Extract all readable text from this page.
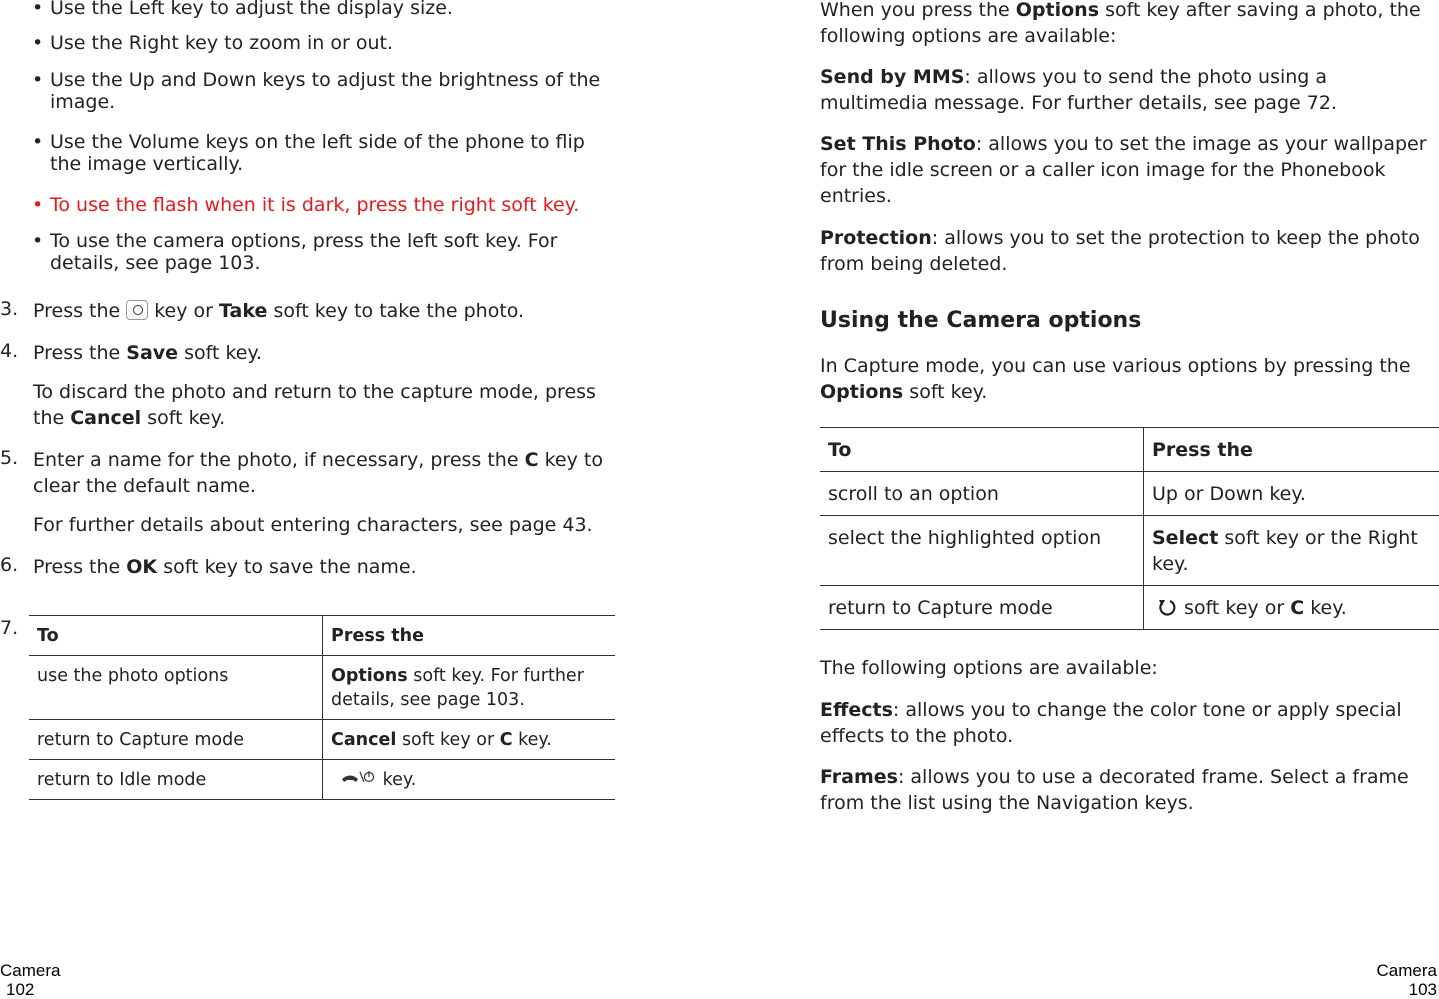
• Use the Left key to adjust the display size.
• Use the Right key to zoom in or out.
• Use the Up and Down keys to adjust the brightness of the image.
• Use the Volume keys on the left side of the phone to flip the image vertically.
• To use the flash when it is dark, press the right soft key.
• To use the camera options, press the left soft key. For details, see page 103.
3. Press the key or Take soft key to take the photo.

4. Press the Save soft key.

To discard the photo and return to the capture mode, press the Cancel soft key.

5. Enter a name for the photo, if necessary, press the C key to clear the default name.

For further details about entering characters, see page 43.

6. Press the OK soft key to save the name.

7. To	Press the
use the photo options	Options soft key. For further details, see page 103.
return to Capture mode	Cancel soft key or C key.
return to Idle mode	key.
Camera
102

When you press the Options soft key after saving a photo, the following options are available:

Send by MMS: allows you to send the photo using a multimedia message. For further details, see page 72.

Set This Photo: allows you to set the image as your wallpaper for the idle screen or a caller icon image for the Phonebook entries.

Protection: allows you to set the protection to keep the photo from being deleted.

Using the Camera options

In Capture mode, you can use various options by pressing the Options soft key.

To	Press the
scroll to an option	Up or Down key.
select the highlighted option	Select soft key or the Right key.
return to Capture mode	soft key or C key.

The following options are available:

Effects: allows you to change the color tone or apply special effects to the photo.

Frames: allows you to use a decorated frame. Select a frame from the list using the Navigation keys.

Camera
103
